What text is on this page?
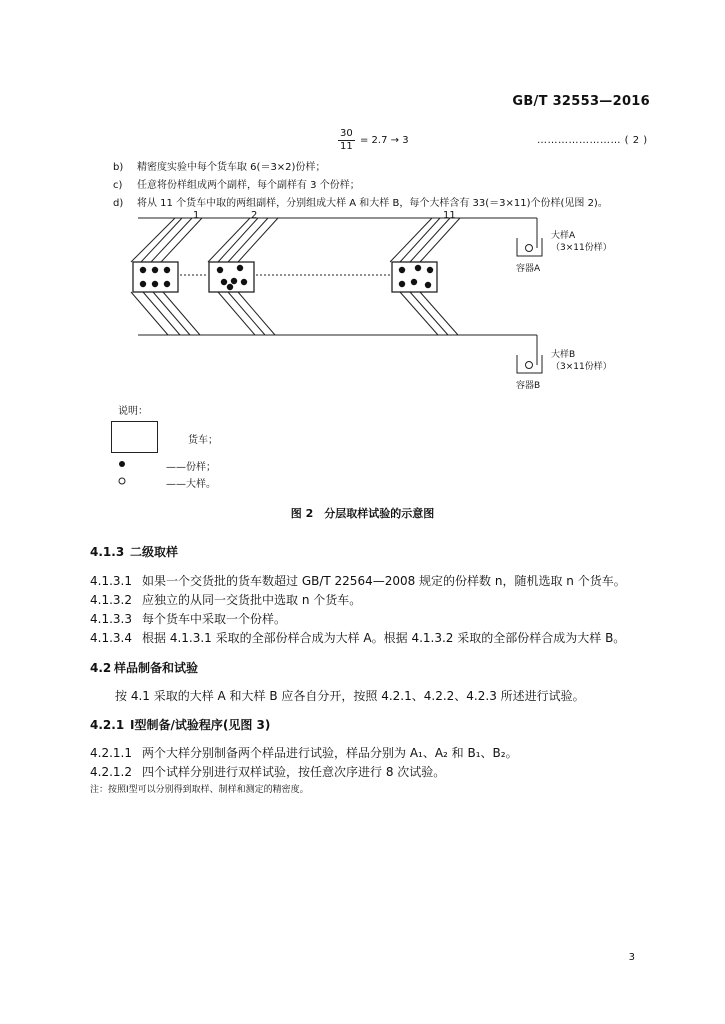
GB/T 32553—2016
$\frac{30}{11} = 2.7 \to 3$	…………………… ( 2 )
b) 精密度实验中每个货车取 6(＝3×2)份样；
c) 任意将份样组成两个副样，每个副样有 3 个份样；
d) 将从 11 个货车中取的两组副样，分别组成大样 A 和大样 B，每个大样含有 33(＝3×11)个份样(见图 2)。
1	2	11
大样A
（3×11份样）
容器A
大样B
（3×11份样）
容器B
说明：
货车；
——份样；
——大样。
图 2　分层取样试验的示意图
4.1.3 二级取样
4.1.3.1 如果一个交货批的货车数超过 GB/T 22564—2008 规定的份样数 n，随机选取 n 个货车。
4.1.3.2 应独立的从同一交货批中选取 n 个货车。
4.1.3.3 每个货车中采取一个份样。
4.1.3.4 根据 4.1.3.1 采取的全部份样合成为大样 A。根据 4.1.3.2 采取的全部份样合成为大样 B。
4.2 样品制备和试验
按 4.1 采取的大样 A 和大样 B 应各自分开，按照 4.2.1、4.2.2、4.2.3 所述进行试验。
4.2.1 Ⅰ型制备/试验程序(见图 3)
4.2.1.1 两个大样分别制备两个样品进行试验，样品分别为 A₁、A₂ 和 B₁、B₂。
4.2.1.2 四个试样分别进行双样试验，按任意次序进行 8 次试验。
注：按照Ⅰ型可以分别得到取样、制样和测定的精密度。
3
